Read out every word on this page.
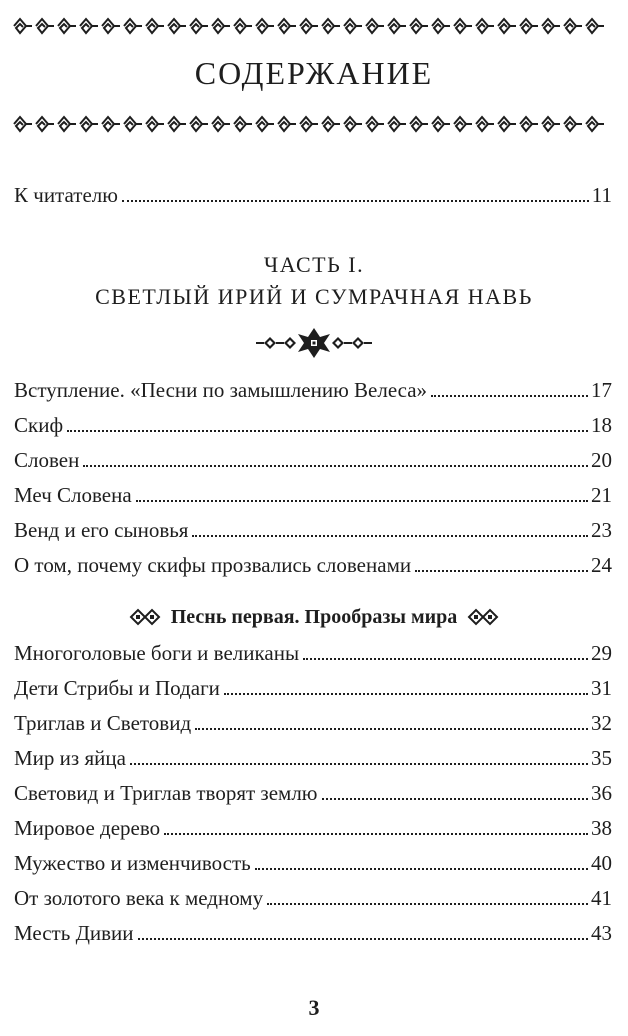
СОДЕРЖАНИЕ
К читателю	11
ЧАСТЬ I.
СВЕТЛЫЙ ИРИЙ И СУМРАЧНАЯ НАВЬ
Вступление. «Песни по замышлению Велеса»	17
Скиф	18
Словен	20
Меч Словена	21
Венд и его сыновья	23
О том, почему скифы прозвались словенами	24
Песнь первая. Прообразы мира
Многоголовые боги и великаны	29
Дети Стрибы и Подаги	31
Триглав и Световид	32
Мир из яйца	35
Световид и Триглав творят землю	36
Мировое дерево	38
Мужество и изменчивость	40
От золотого века к медному	41
Месть Дивии	43
3
